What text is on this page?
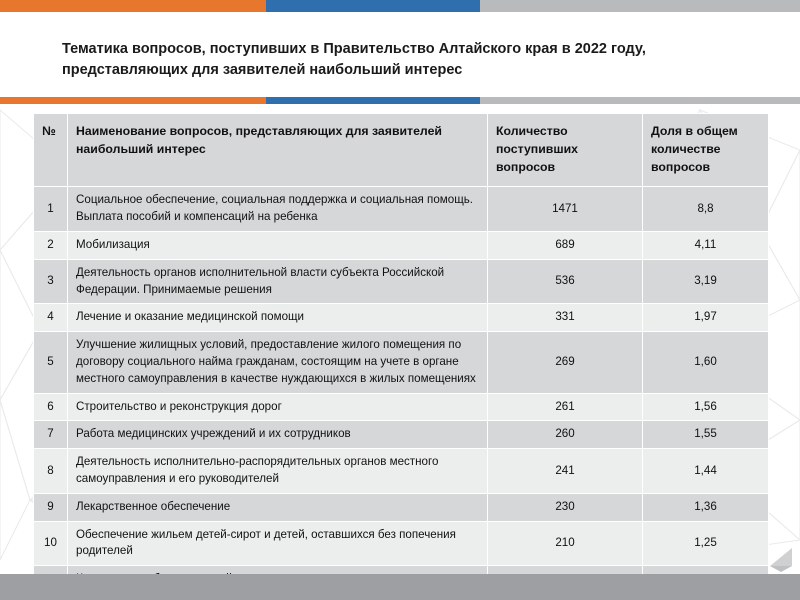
Тематика вопросов, поступивших в Правительство Алтайского края в 2022 году, представляющих для заявителей наибольший интерес
№	Наименование вопросов, представляющих для заявителей наибольший интерес	Количество поступивших вопросов	Доля в общем количестве вопросов
1	Социальное обеспечение, социальная поддержка и социальная помощь. Выплата пособий и компенсаций на ребенка	1471	8,8
2	Мобилизация	689	4,11
3	Деятельность органов исполнительной власти субъекта Российской Федерации. Принимаемые решения	536	3,19
4	Лечение и оказание медицинской помощи	331	1,97
5	Улучшение жилищных условий, предоставление жилого помещения по договору социального найма гражданам, состоящим на учете в органе местного самоуправления в качестве нуждающихся в жилых помещениях	269	1,60
6	Строительство и реконструкция дорог	261	1,56
7	Работа медицинских учреждений и их сотрудников	260	1,55
8	Деятельность исполнительно-распорядительных органов местного самоуправления и его руководителей	241	1,44
9	Лекарственное обеспечение	230	1,36
10	Обеспечение жильем детей-сирот и детей, оставшихся без попечения родителей	210	1,25
